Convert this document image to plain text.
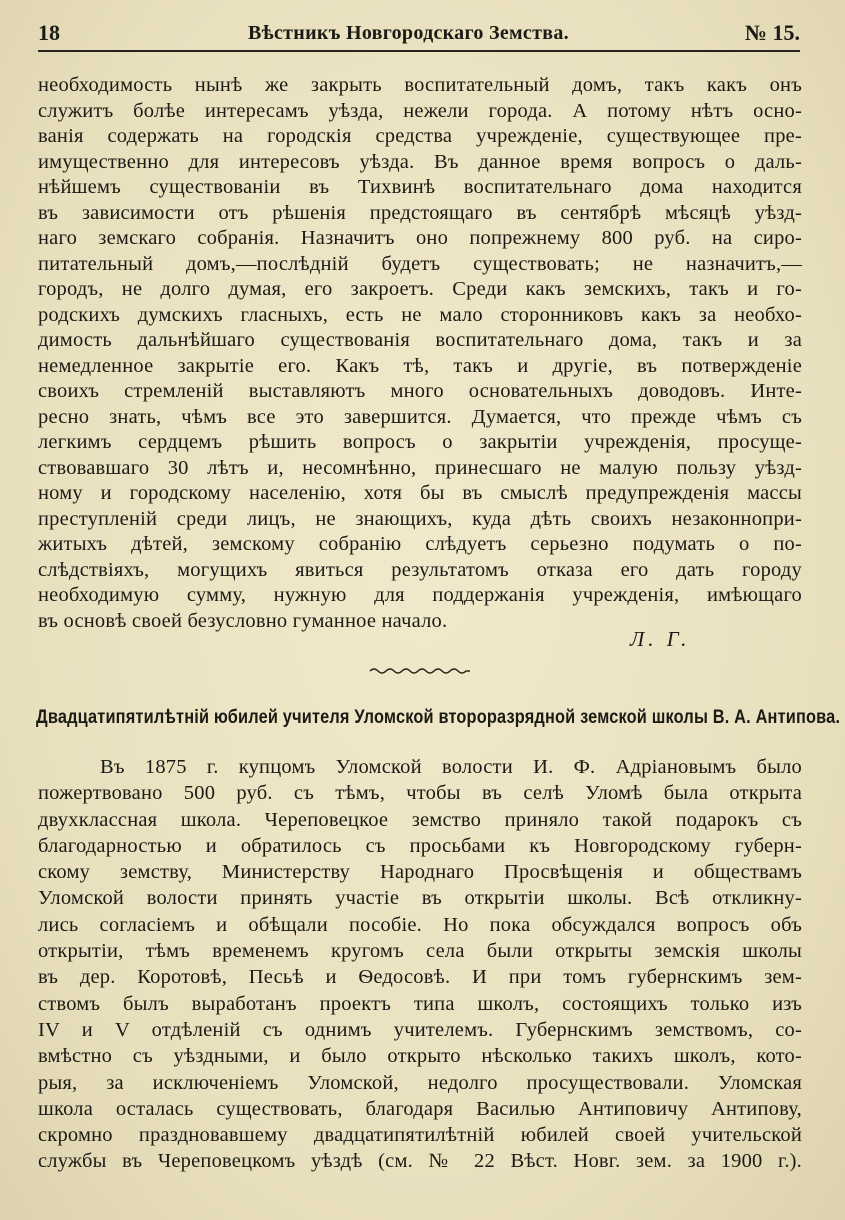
18	Вѣстникъ Новгородскаго Земства.	№ 15.
необходимость нынѣ же закрыть воспитательный домъ, такъ какъ онъ
служитъ болѣе интересамъ уѣзда, нежели города. А потому нѣтъ осно-
ванія содержать на городскія средства учрежденіе, существующее пре-
имущественно для интересовъ уѣзда. Въ данное время вопросъ о даль-
нѣйшемъ существованіи въ Тихвинѣ воспитательнаго дома находится
въ зависимости отъ рѣшенія предстоящаго въ сентябрѣ мѣсяцѣ уѣзд-
наго земскаго собранія. Назначитъ оно попрежнему 800 руб. на сиро-
питательный домъ,—послѣдній будетъ существовать; не назначитъ,—
городъ, не долго думая, его закроетъ. Среди какъ земскихъ, такъ и го-
родскихъ думскихъ гласныхъ, есть не мало сторонниковъ какъ за необхо-
димость дальнѣйшаго существованія воспитательнаго дома, такъ и за
немедленное закрытіе его. Какъ тѣ, такъ и другіе, въ потвержденіе
своихъ стремленій выставляютъ много основательныхъ доводовъ. Инте-
ресно знать, чѣмъ все это завершится. Думается, что прежде чѣмъ съ
легкимъ сердцемъ рѣшить вопросъ о закрытіи учрежденія, просуще-
ствовавшаго 30 лѣтъ и, несомнѣнно, принесшаго не малую пользу уѣзд-
ному и городскому населенію, хотя бы въ смыслѣ предупрежденія массы
преступленій среди лицъ, не знающихъ, куда дѣть своихъ незаконнопри-
житыхъ дѣтей, земскому собранію слѣдуетъ серьезно подумать о по-
слѣдствіяхъ, могущихъ явиться результатомъ отказа его дать городу
необходимую сумму, нужную для поддержанія учрежденія, имѣющаго
въ основѣ своей безусловно гуманное начало.
Л. Г.
Двадцатипятилѣтній юбилей учителя Уломской второразрядной земской школы В. А. Антипова.
Въ 1875 г. купцомъ Уломской волости И. Ф. Адріановымъ было
пожертвовано 500 руб. съ тѣмъ, чтобы въ селѣ Уломѣ была открыта
двухклассная школа. Череповецкое земство приняло такой подарокъ съ
благодарностью и обратилось съ просьбами къ Новгородскому губерн-
скому земству, Министерству Народнаго Просвѣщенія и обществамъ
Уломской волости принять участіе въ открытіи школы. Всѣ откликну-
лись согласіемъ и обѣщали пособіе. Но пока обсуждался вопросъ объ
открытіи, тѣмъ временемъ кругомъ села были открыты земскія школы
въ дер. Коротовѣ, Песьѣ и Ѳедосовѣ. И при томъ губернскимъ зем-
ствомъ былъ выработанъ проектъ типа школъ, состоящихъ только изъ
IV и V отдѣленій съ однимъ учителемъ. Губернскимъ земствомъ, со-
вмѣстно съ уѣздными, и было открыто нѣсколько такихъ школъ, кото-
рыя, за исключеніемъ Уломской, недолго просуществовали. Уломская
школа осталась существовать, благодаря Василью Антиповичу Антипову,
скромно праздновавшему двадцатипятилѣтній юбилей своей учительской
службы въ Череповецкомъ уѣздѣ (см. № 22 Вѣст. Новг. зем. за 1900 г.).
